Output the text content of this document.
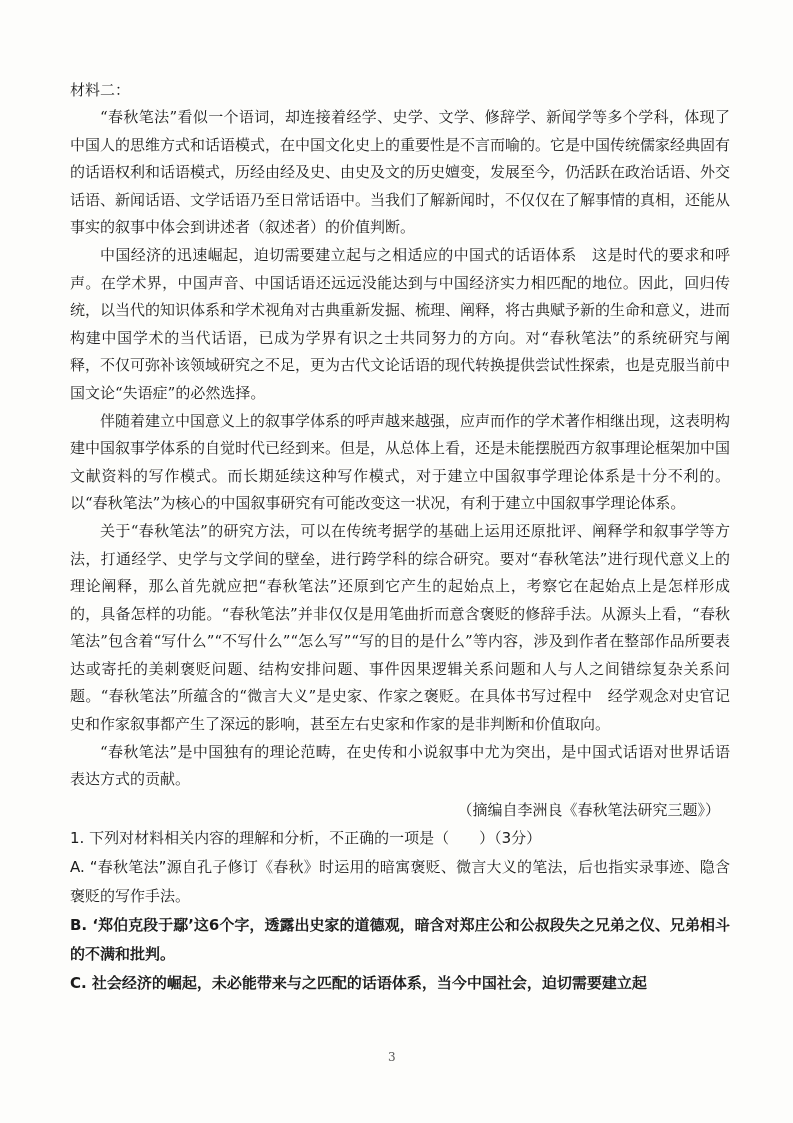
材料二：

“春秋笔法”看似一个语词，却连接着经学、史学、文学、修辞学、新闻学等多个学科，体现了中国人的思维方式和话语模式，在中国文化史上的重要性是不言而喻的。它是中国传统儒家经典固有的话语权利和话语模式，历经由经及史、由史及文的历史嬗变，发展至今，仍活跃在政治话语、外交话语、新闻话语、文学话语乃至日常话语中。当我们了解新闻时，不仅仅在了解事情的真相，还能从事实的叙事中体会到讲述者（叙述者）的价值判断。

中国经济的迅速崛起，迫切需要建立起与之相适应的中国式的话语体系　这是时代的要求和呼声。在学术界，中国声音、中国话语还远远没能达到与中国经济实力相匹配的地位。因此，回归传统，以当代的知识体系和学术视角对古典重新发掘、梳理、阐释，将古典赋予新的生命和意义，进而构建中国学术的当代话语，已成为学界有识之士共同努力的方向。对“春秋笔法”的系统研究与阐释，不仅可弥补该领域研究之不足，更为古代文论话语的现代转换提供尝试性探索，也是克服当前中国文论“失语症”的必然选择。

伴随着建立中国意义上的叙事学体系的呼声越来越强，应声而作的学术著作相继出现，这表明构建中国叙事学体系的自觉时代已经到来。但是，从总体上看，还是未能摆脱西方叙事理论框架加中国文献资料的写作模式。而长期延续这种写作模式，对于建立中国叙事学理论体系是十分不利的。以“春秋笔法”为核心的中国叙事研究有可能改变这一状况，有利于建立中国叙事学理论体系。

关于“春秋笔法”的研究方法，可以在传统考据学的基础上运用还原批评、阐释学和叙事学等方法，打通经学、史学与文学间的壁垒，进行跨学科的综合研究。要对“春秋笔法”进行现代意义上的理论阐释，那么首先就应把“春秋笔法”还原到它产生的起始点上，考察它在起始点上是怎样形成的，具备怎样的功能。“春秋笔法”并非仅仅是用笔曲折而意含褒贬的修辞手法。从源头上看，“春秋笔法”包含着“写什么”“不写什么”“怎么写”“写的目的是什么”等内容，涉及到作者在整部作品所要表达或寄托的美刺褒贬问题、结构安排问题、事件因果逻辑关系问题和人与人之间错综复杂关系问题。“春秋笔法”所蕴含的“微言大义”是史家、作家之褒贬。在具体书写过程中　经学观念对史官记史和作家叙事都产生了深远的影响，甚至左右史家和作家的是非判断和价值取向。

“春秋笔法”是中国独有的理论范畴，在史传和小说叙事中尤为突出，是中国式话语对世界话语表达方式的贡献。

（摘编自李洲良《春秋笔法研究三题》）

1. 下列对材料相关内容的理解和分析，不正确的一项是（　　）（3分）

A. “春秋笔法”源自孔子修订《春秋》时运用的暗寓褒贬、微言大义的笔法，后也指实录事迹、隐含褒贬的写作手法。

B. ‘郑伯克段于鄢’这6个字，透露出史家的道德观，暗含对郑庄公和公叔段失之兄弟之仪、兄弟相斗的不满和批判。

C. 社会经济的崛起，未必能带来与之匹配的话语体系，当今中国社会，迫切需要建立起

3
